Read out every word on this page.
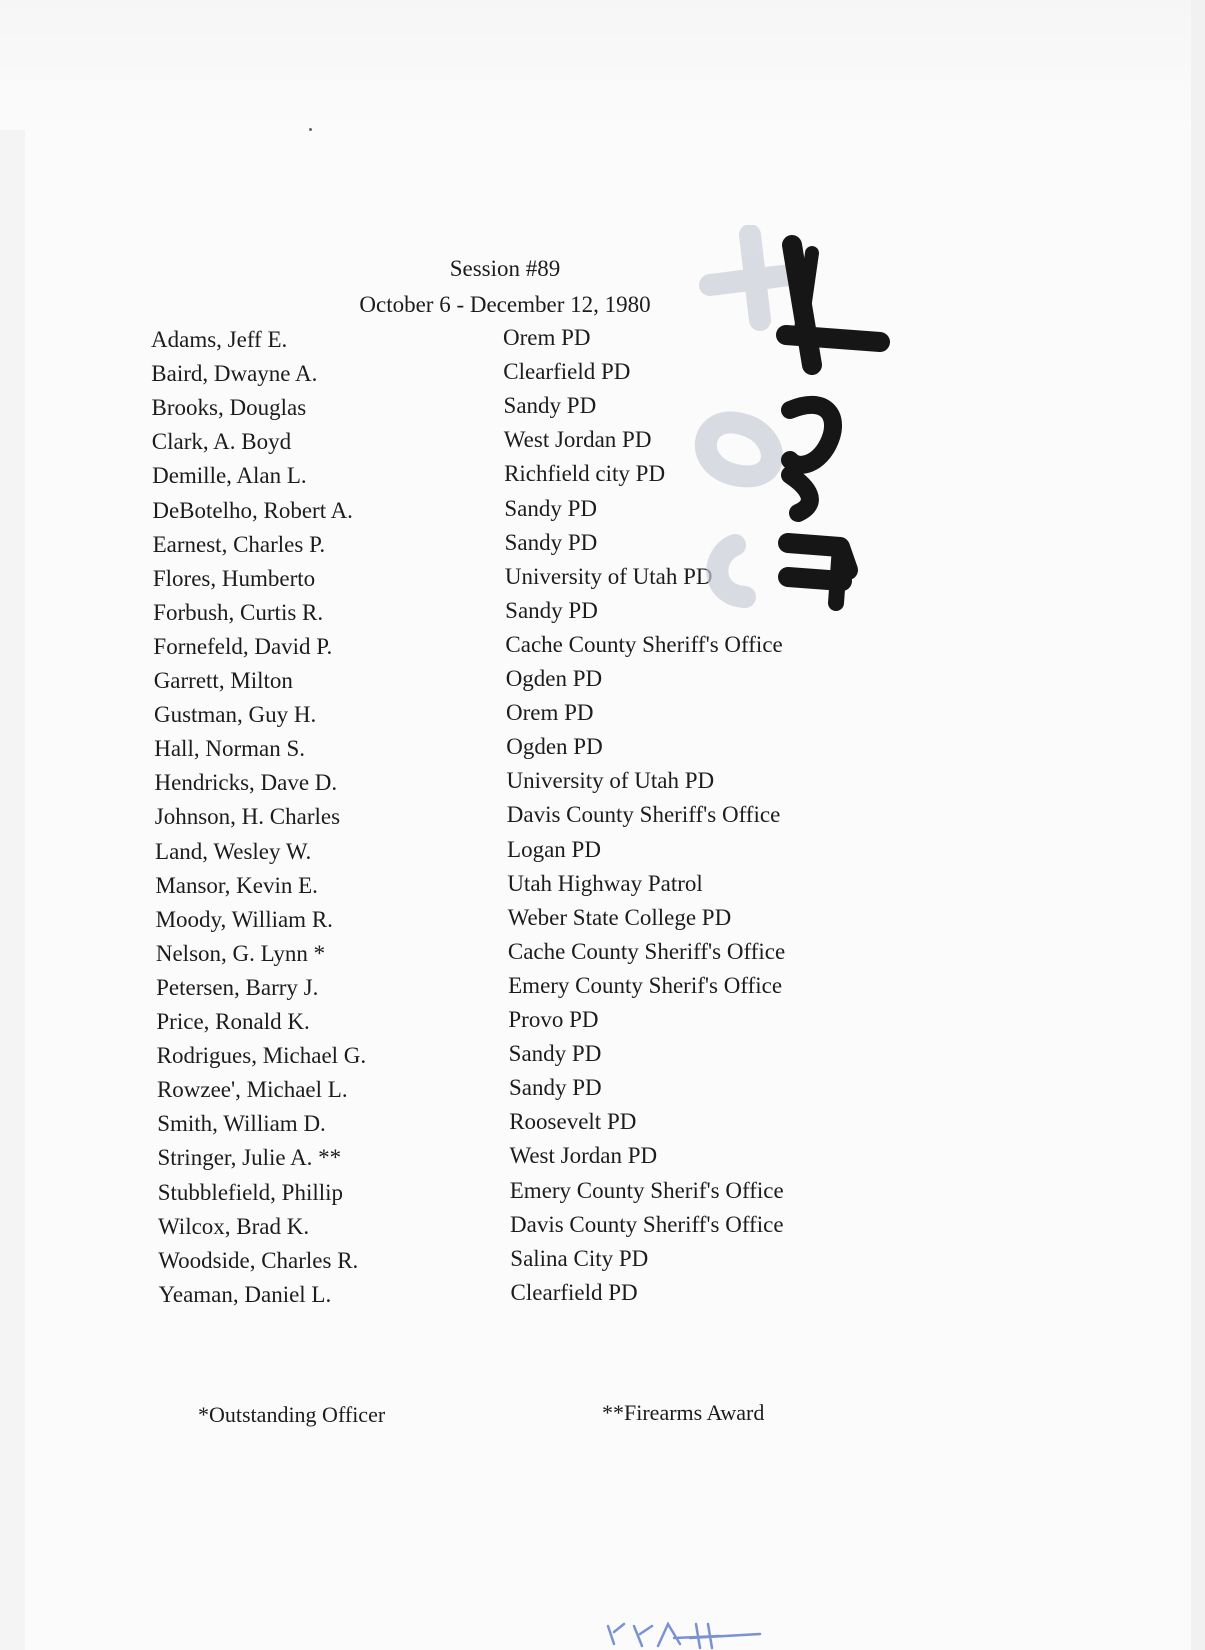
Session #89
October 6 - December 12, 1980
Adams, Jeff E.	Orem PD
Baird, Dwayne A.	Clearfield PD
Brooks, Douglas	Sandy PD
Clark, A. Boyd	West Jordan PD
Demille, Alan L.	Richfield city PD
DeBotelho, Robert A.	Sandy PD
Earnest, Charles P.	Sandy PD
Flores, Humberto	University of Utah PD
Forbush, Curtis R.	Sandy PD
Fornefeld, David P.	Cache County Sheriff's Office
Garrett, Milton	Ogden PD
Gustman, Guy H.	Orem PD
Hall, Norman S.	Ogden PD
Hendricks, Dave D.	University of Utah PD
Johnson, H. Charles	Davis County Sheriff's Office
Land, Wesley W.	Logan PD
Mansor, Kevin E.	Utah Highway Patrol
Moody, William R.	Weber State College PD
Nelson, G. Lynn *	Cache County Sheriff's Office
Petersen, Barry J.	Emery County Sherif's Office
Price, Ronald K.	Provo PD
Rodrigues, Michael G.	Sandy PD
Rowzee', Michael L.	Sandy PD
Smith, William D.	Roosevelt PD
Stringer, Julie A. **	West Jordan PD
Stubblefield, Phillip	Emery County Sherif's Office
Wilcox, Brad K.	Davis County Sheriff's Office
Woodside, Charles R.	Salina City PD
Yeaman, Daniel L.	Clearfield PD
*Outstanding Officer	**Firearms Award
